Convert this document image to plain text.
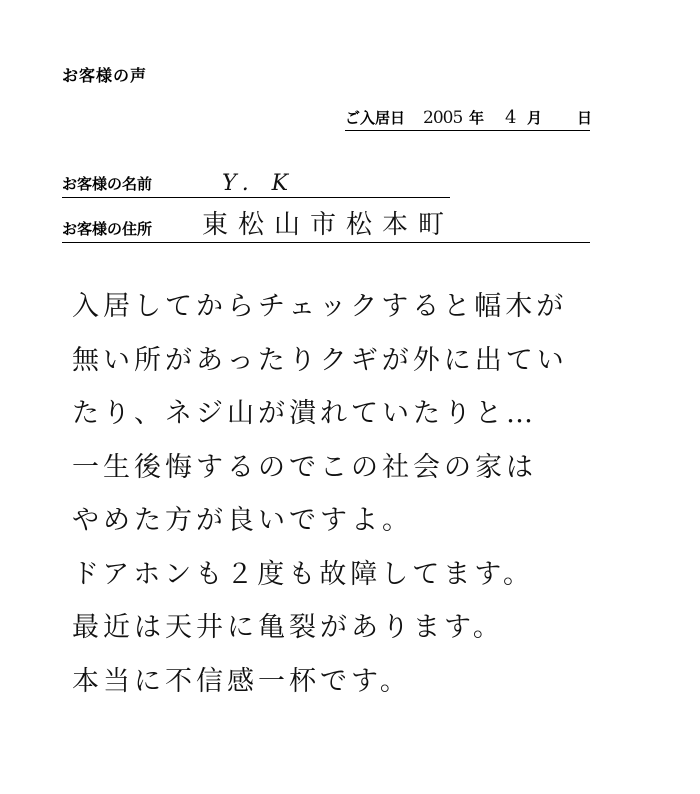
お客様の声
ご入居日 2005 年 4 月 日
お客様の名前	Y. K
お客様の住所 東松山市松本町
入居してからチェックすると幅木が
無い所があったりクギが外に出てい
たり、ネジ山が潰れていたりと…
一生後悔するのでこの社会の家は
やめた方が良いですよ。
ドアホンも２度も故障してます。
最近は天井に亀裂があります。
本当に不信感一杯です。
